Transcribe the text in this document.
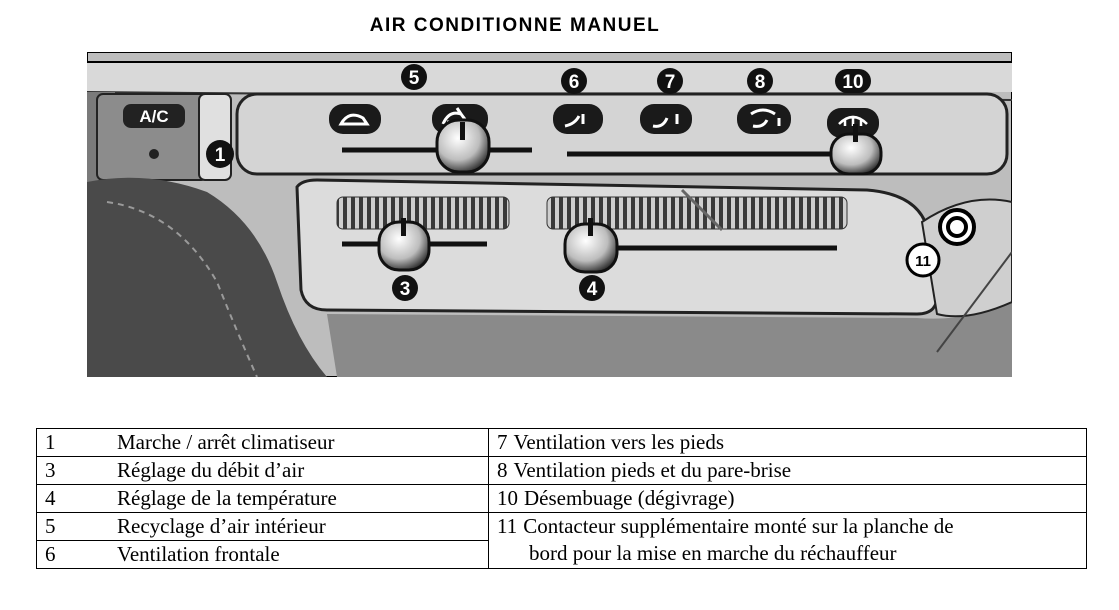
AIR CONDITIONNE MANUEL
A/C
5	6	7	8	10
1
3	4
11
1 Marche / arrêt climatiseur	7 Ventilation vers les pieds
3 Réglage du débit d’air	8 Ventilation pieds et du pare-brise
4 Réglage de la température	10 Désembuage (dégivrage)
5 Recyclage d’air intérieur	11 Contacteur supplémentaire monté sur la planche de
bord pour la mise en marche du réchauffeur

6 Ventilation frontale	
